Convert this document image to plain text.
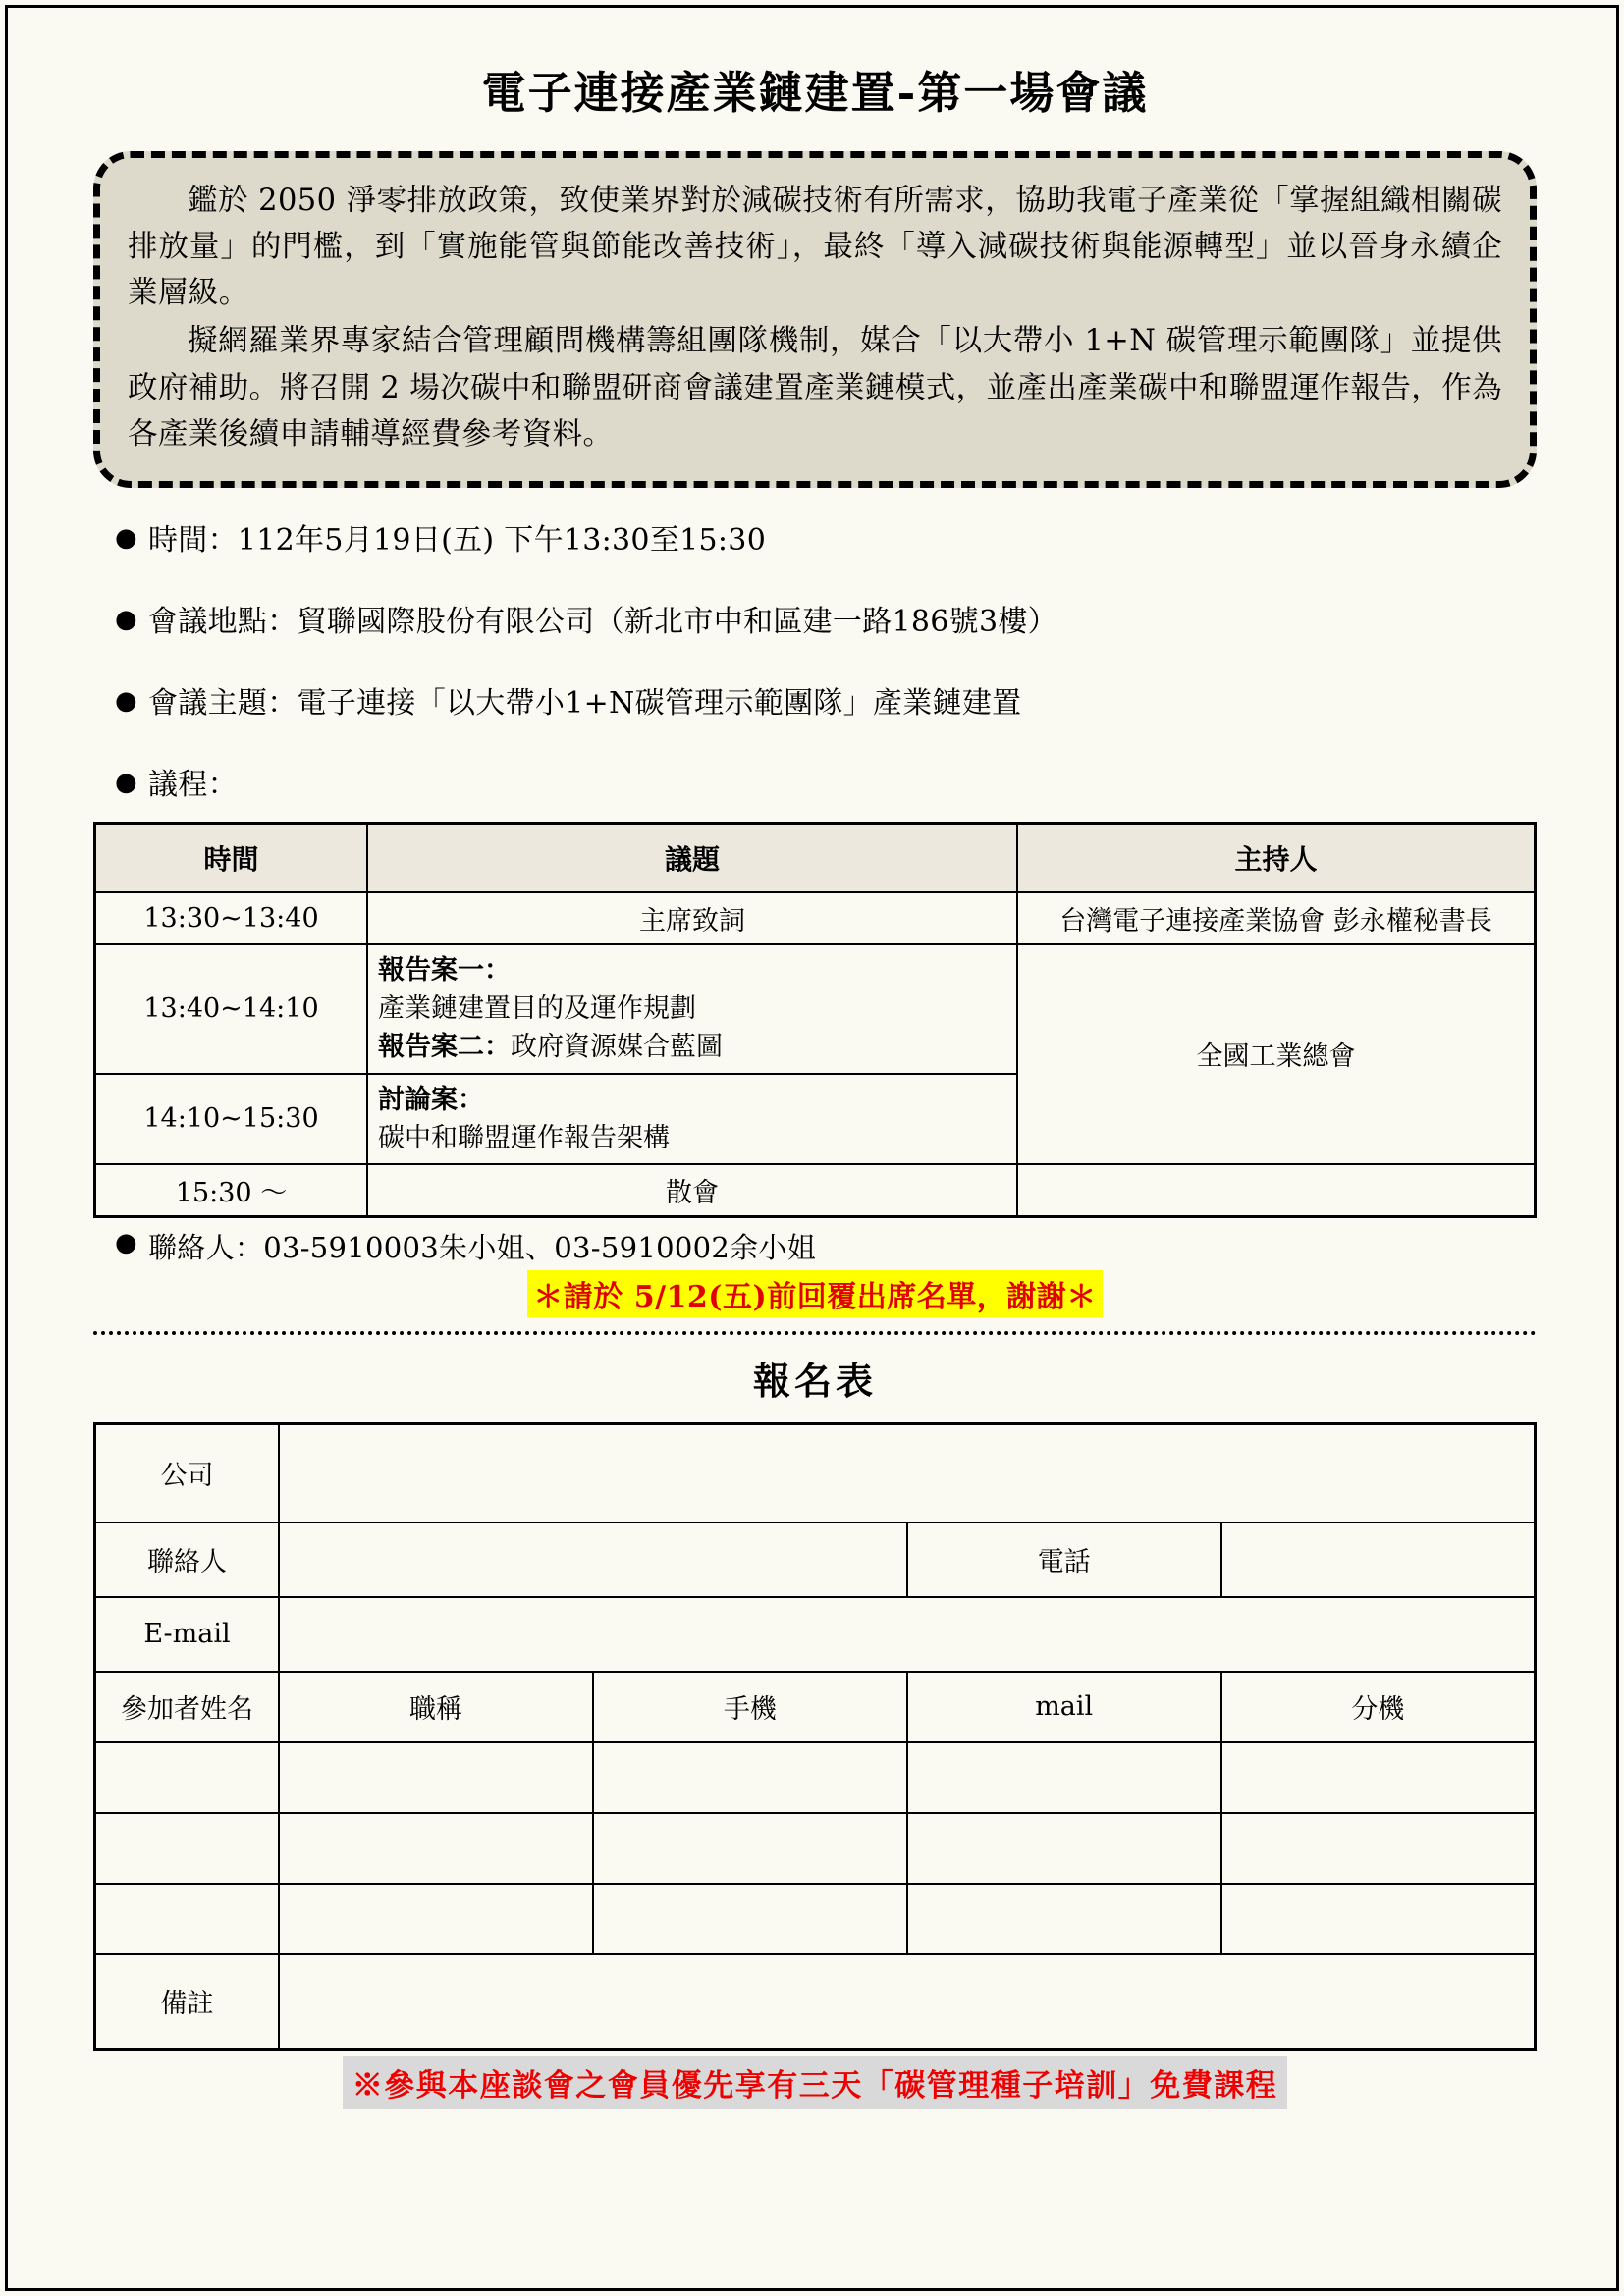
電子連接產業鏈建置-第一場會議

鑑於 2050 淨零排放政策，致使業界對於減碳技術有所需求，協助我電子產業從「掌握組織相關碳排放量」的門檻，到「實施能管與節能改善技術」，最終「導入減碳技術與能源轉型」並以晉身永續企業層級。

擬網羅業界專家結合管理顧問機構籌組團隊機制，媒合「以大帶小 1+N 碳管理示範團隊」並提供政府補助。將召開 2 場次碳中和聯盟研商會議建置產業鏈模式，並產出產業碳中和聯盟運作報告，作為各產業後續申請輔導經費參考資料。

● 時間：112年5月19日(五) 下午13:30至15:30
● 會議地點：貿聯國際股份有限公司（新北市中和區建一路186號3樓）
● 會議主題：電子連接「以大帶小1+N碳管理示範團隊」產業鏈建置
● 議程：
時間	議題	主持人
13:30~13:40	主席致詞	台灣電子連接產業協會 彭永權秘書長
13:40~14:10	報告案一：
產業鏈建置目的及運作規劃
報告案二：政府資源媒合藍圖	全國工業總會
14:10~15:30	討論案：
碳中和聯盟運作報告架構	

15:30 ～	散會	
● 聯絡人：03-5910003朱小姐、03-5910002余小姐
＊請於 5/12(五)前回覆出席名單，謝謝＊
報名表
公司				
聯絡人			電話	
E-mail				
參加者姓名	職稱	手機	mail	分機

備註				
※參與本座談會之會員優先享有三天「碳管理種子培訓」免費課程
